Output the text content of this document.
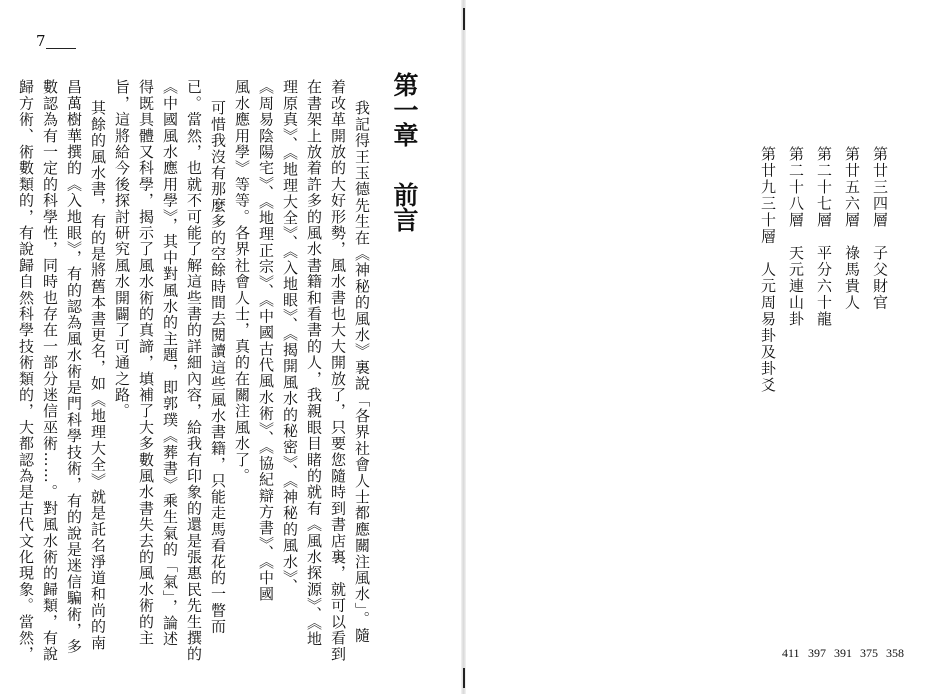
7
第一章
前言
我記得王玉德先生在《神秘的風水》裏說「各界社會人士都應關注風水」。隨
着改革開放的大好形勢，風水書也大大開放了，只要您隨時到書店裏，就可以看到
在書架上放着許多的風水書籍和看書的人，我親眼目睹的就有《風水探源》、《地
理原真》、《地理大全》、《入地眼》、《揭開風水的秘密》、《神秘的風水》、
《周易陰陽宅》、《地理正宗》、《中國古代風水術》、《協紀辯方書》、《中國
風水應用學》等等。各界社會人士，真的在關注風水了。
可惜我沒有那麼多的空餘時間去閱讀這些風水書籍，只能走馬看花的一瞥而
已。當然，也就不可能了解這些書的詳細內容，給我有印象的還是張惠民先生撰的
《中國風水應用學》，其中對風水的主題，即郭璞《葬書》乘生氣的「氣」，論述
得既具體又科學，揭示了風水術的真諦，填補了大多數風水書失去的風水術的主
旨，這將給今後探討研究風水開闢了可通之路。
其餘的風水書，有的是將舊本書更名，如《地理大全》就是託名淨道和尚的南
昌萬樹華撰的《入地眼》，有的認為風水術是門科學技術，有的說是迷信騙術，多
數認為有一定的科學性，同時也存在一部分迷信巫術……。對風水術的歸類，有說
歸方術、術數類的，有說歸自然科學技術類的，大都認為是古代文化現象。當然，	第廿三四層　子父財官
第廿五六層　祿馬貴人
第二十七層　平分六十龍
第二十八層　天元連山卦
第廿九三十層　人元周易卦及卦爻
411 397 391 375 358
